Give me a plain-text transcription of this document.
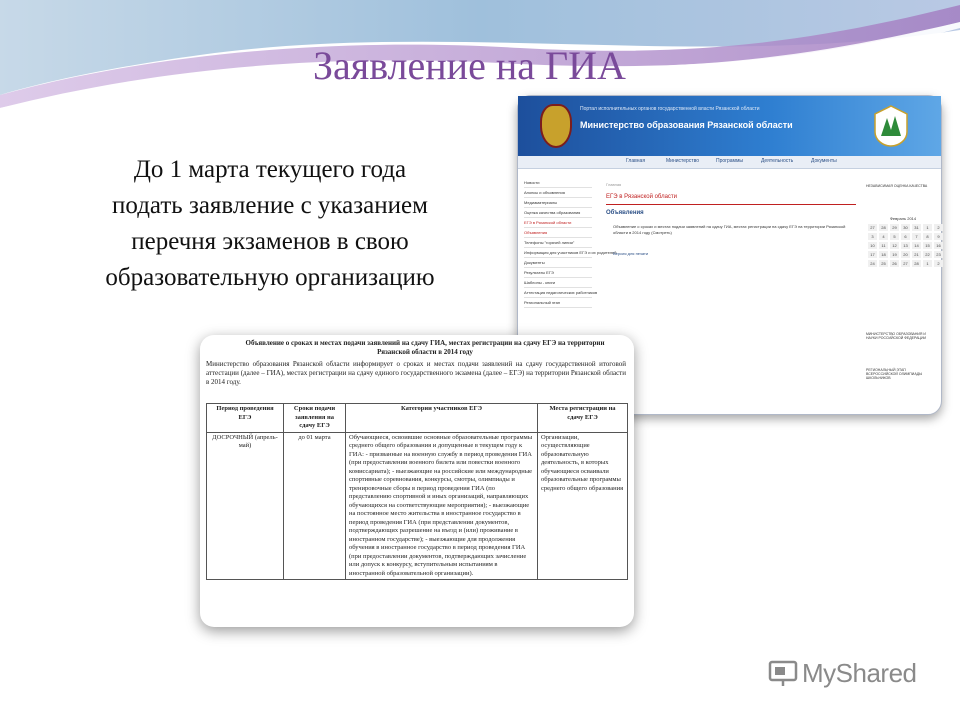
Заявление на ГИА
До 1 марта текущего года
подать заявление с указанием
перечня экзаменов в свою
образовательную организацию
Портал исполнительных органов государственной власти Рязанской области
Министерство образования Рязанской области
Главная	Министерство	Программы	Деятельность	Документы
Новости
Анонсы и объявления
Медиаматериалы
Оценка качества образования
ЕГЭ в Рязанской области
Объявления
Телефоны "горячей линии"
Информация для участников ЕГЭ и их родителей
Документы
Результаты ЕГЭ
Шаблоны - книги
Аттестация педагогических работников
Региональный этап
Главная
ЕГЭ в Рязанской области
Объявления
Объявление о сроках и местах подачи заявлений на сдачу ГИА, местах регистрации на сдачу ЕГЭ на территории Рязанской области в 2014 году (Смотреть)
Версия для печати
Февраль 2014
27	28	29	30	31	1	2
3	4	5	6	7	8	9
10	11	12	13	14	15	16
17	18	19	20	21	22	23
24	25	26	27	28	1	2
НЕЗАВИСИМАЯ ОЦЕНКА КАЧЕСТВА
МИНИСТЕРСТВО ОБРАЗОВАНИЯ И НАУКИ РОССИЙСКОЙ ФЕДЕРАЦИИ
РЕГИОНАЛЬНЫЙ ЭТАП ВСЕРОССИЙСКОЙ ОЛИМПИАДЫ ШКОЛЬНИКОВ
Объявление о сроках и местах подачи заявлений на сдачу ГИА, местах регистрации на сдачу ЕГЭ на территории Рязанской области в 2014 году
Министерство образования Рязанской области информирует о сроках и местах подачи заявлений на сдачу государственной итоговой аттестации (далее – ГИА), местах регистрации на сдачу единого государственного экзамена (далее – ЕГЭ) на территории Рязанской области в 2014 году.
Период проведения ЕГЭ	Сроки подачи заявления на сдачу ЕГЭ	Категории участников ЕГЭ	Места регистрации на сдачу ЕГЭ
ДОСРОЧНЫЙ (апрель-май)	до 01 марта	Обучающиеся, освоившие основные образовательные программы среднего общего образования и допущенные в текущем году к ГИА: - призванные на военную службу в период проведения ГИА (при предоставлении военного билета или повестки военного комиссариата); - выезжающие на российские или международные спортивные соревнования, конкурсы, смотры, олимпиады и тренировочные сборы в период проведения ГИА (по представлению спортивной и иных организаций, направляющих обучающихся на соответствующие мероприятия); - выезжающие на постоянное место жительства в иностранное государство в период проведения ГИА (при представлении документов, подтверждающих разрешение на въезд и (или) проживание в иностранном государстве); - выезжающие для продолжения обучения в иностранное государство в период проведения ГИА (при предоставлении документов, подтверждающих зачисление или допуск к конкурсу, вступительным испытаниям в иностранной образовательной организации).	Организации, осуществляющие образовательную деятельность, в которых обучающиеся осваивали образовательные программы среднего общего образования
MyShared
